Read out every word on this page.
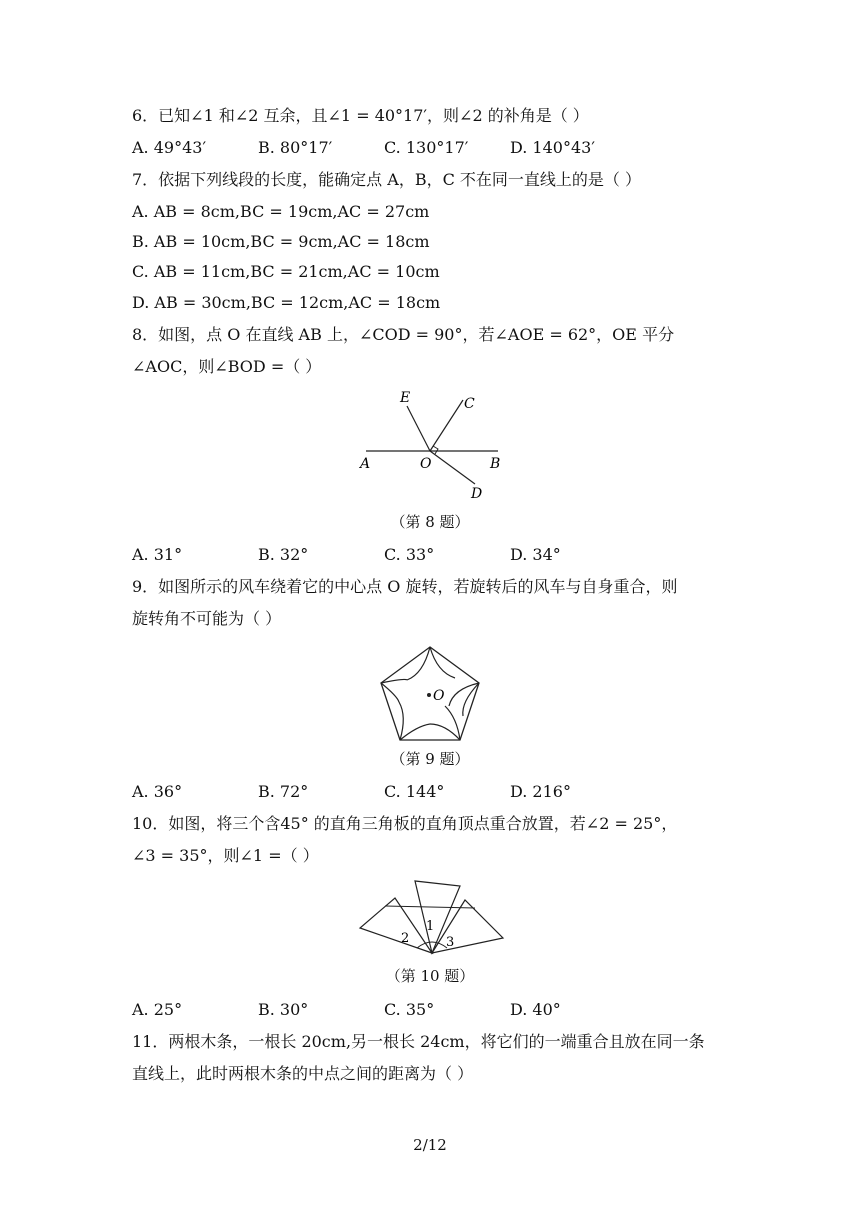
6．已知∠1 和∠2 互余，且∠1 = 40°17′，则∠2 的补角是（ ）
A. 49°43′	B. 80°17′	C. 130°17′	D. 140°43′
7．依据下列线段的长度，能确定点 A，B，C 不在同一直线上的是（ ）
A. AB = 8cm,BC = 19cm,AC = 27cm
B. AB = 10cm,BC = 9cm,AC = 18cm
C. AB = 11cm,BC = 21cm,AC = 10cm
D. AB = 30cm,BC = 12cm,AC = 18cm
8．如图，点 O 在直线 AB 上，∠COD = 90°，若∠AOE = 62°，OE 平分
∠AOC，则∠BOD =（ ）
E	C
A	O	B
D
（第 8 题）
A. 31°	B. 32°	C. 33°	D. 34°
9．如图所示的风车绕着它的中心点 O 旋转，若旋转后的风车与自身重合，则
旋转角不可能为（ ）
O
（第 9 题）
A. 36°	B. 72°	C. 144°	D. 216°
10．如图，将三个含45° 的直角三角板的直角顶点重合放置，若∠2 = 25°，
∠3 = 35°，则∠1 =（ ）
1
2	3
（第 10 题）
A. 25°	B. 30°	C. 35°	D. 40°
11．两根木条，一根长 20cm,另一根长 24cm，将它们的一端重合且放在同一条
直线上，此时两根木条的中点之间的距离为（ ）
2/12
